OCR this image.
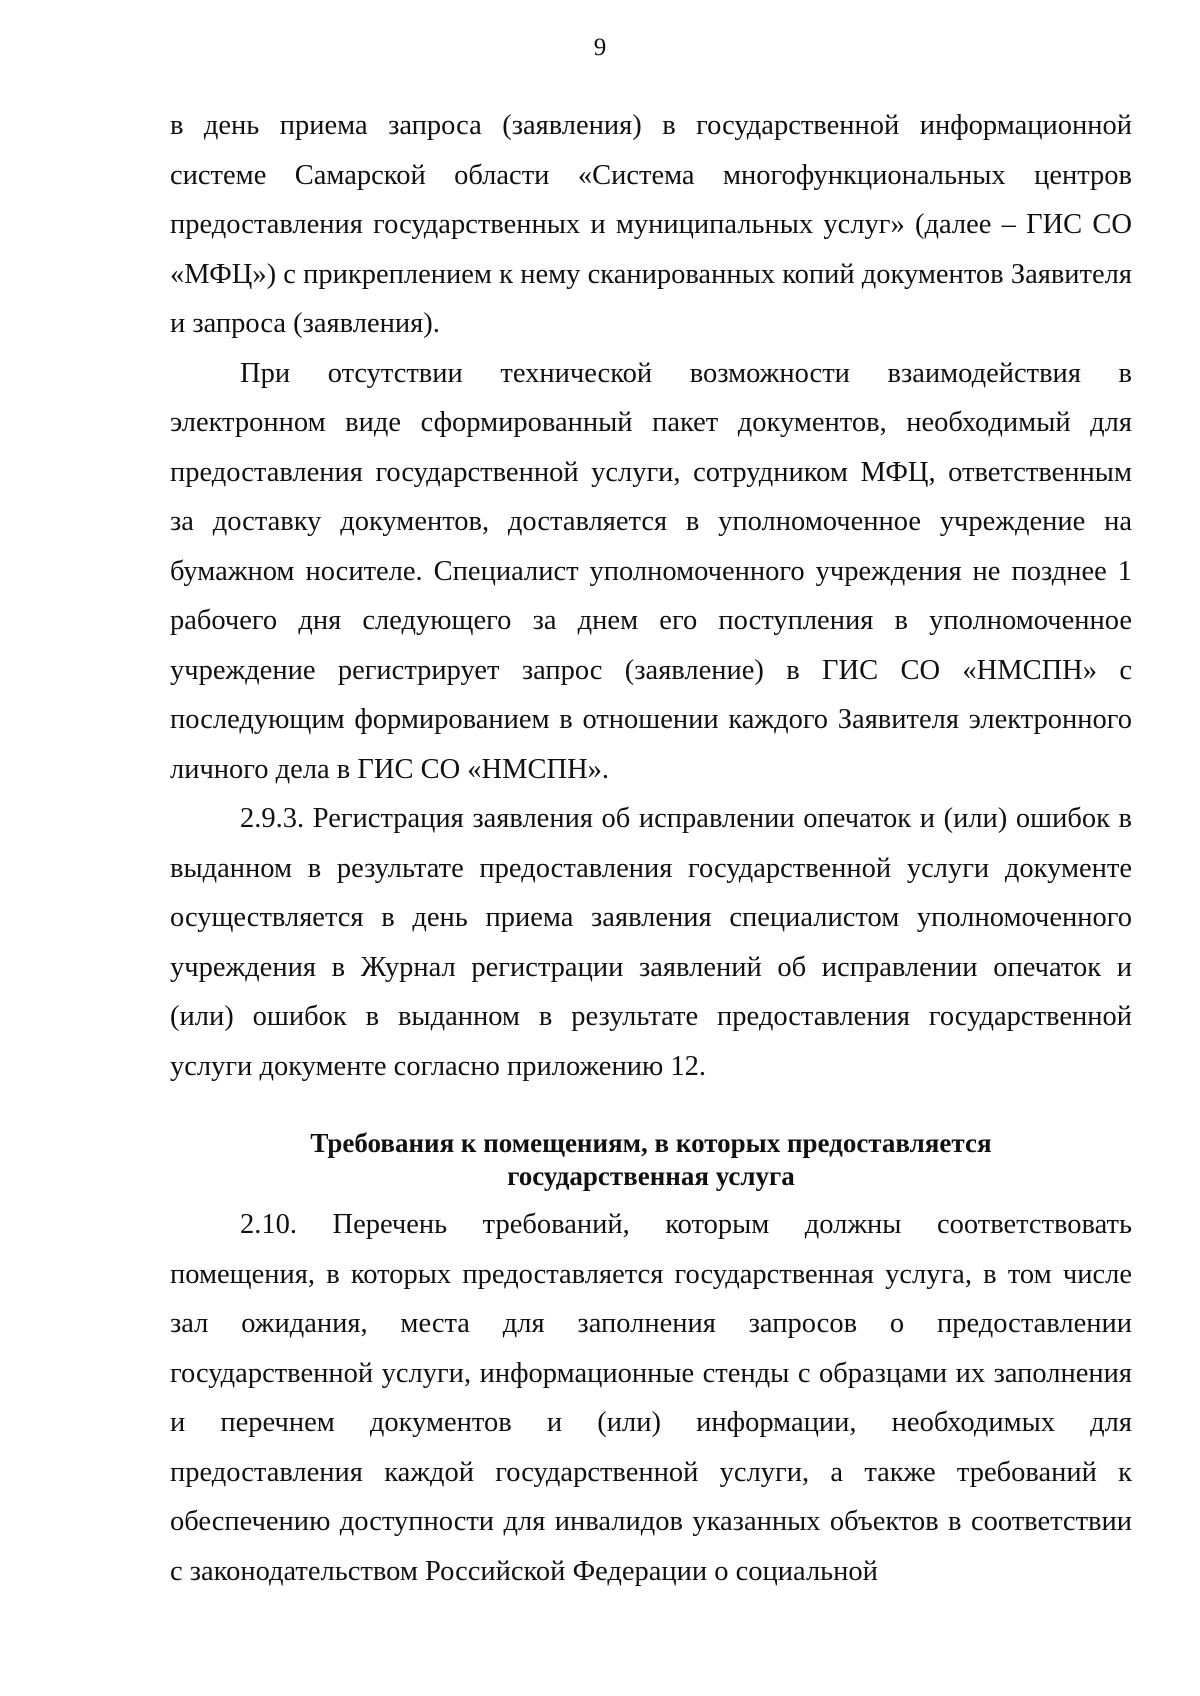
9

в день приема запроса (заявления) в государственной информационной системе Самарской области «Система многофункциональных центров предоставления государственных и муниципальных услуг» (далее – ГИС СО «МФЦ») с прикреплением к нему сканированных копий документов Заявителя и запроса (заявления).

При отсутствии технической возможности взаимодействия в электронном виде сформированный пакет документов, необходимый для предоставления государственной услуги, сотрудником МФЦ, ответственным за доставку документов, доставляется в уполномоченное учреждение на бумажном носителе. Специалист уполномоченного учреждения не позднее 1 рабочего дня следующего за днем его поступления в уполномоченное учреждение регистрирует запрос (заявление) в ГИС СО «НМСПН» с последующим формированием в отношении каждого Заявителя электронного личного дела в ГИС СО «НМСПН».

2.9.3. Регистрация заявления об исправлении опечаток и (или) ошибок в выданном в результате предоставления государственной услуги документе осуществляется в день приема заявления специалистом уполномоченного учреждения в Журнал регистрации заявлений об исправлении опечаток и (или) ошибок в выданном в результате предоставления государственной услуги документе согласно приложению 12.

Требования к помещениям, в которых предоставляется государственная услуга

2.10. Перечень требований, которым должны соответствовать помещения, в которых предоставляется государственная услуга, в том числе зал ожидания, места для заполнения запросов о предоставлении государственной услуги, информационные стенды с образцами их заполнения и перечнем документов и (или) информации, необходимых для предоставления каждой государственной услуги, а также требований к обеспечению доступности для инвалидов указанных объектов в соответствии с законодательством Российской Федерации о социальной
